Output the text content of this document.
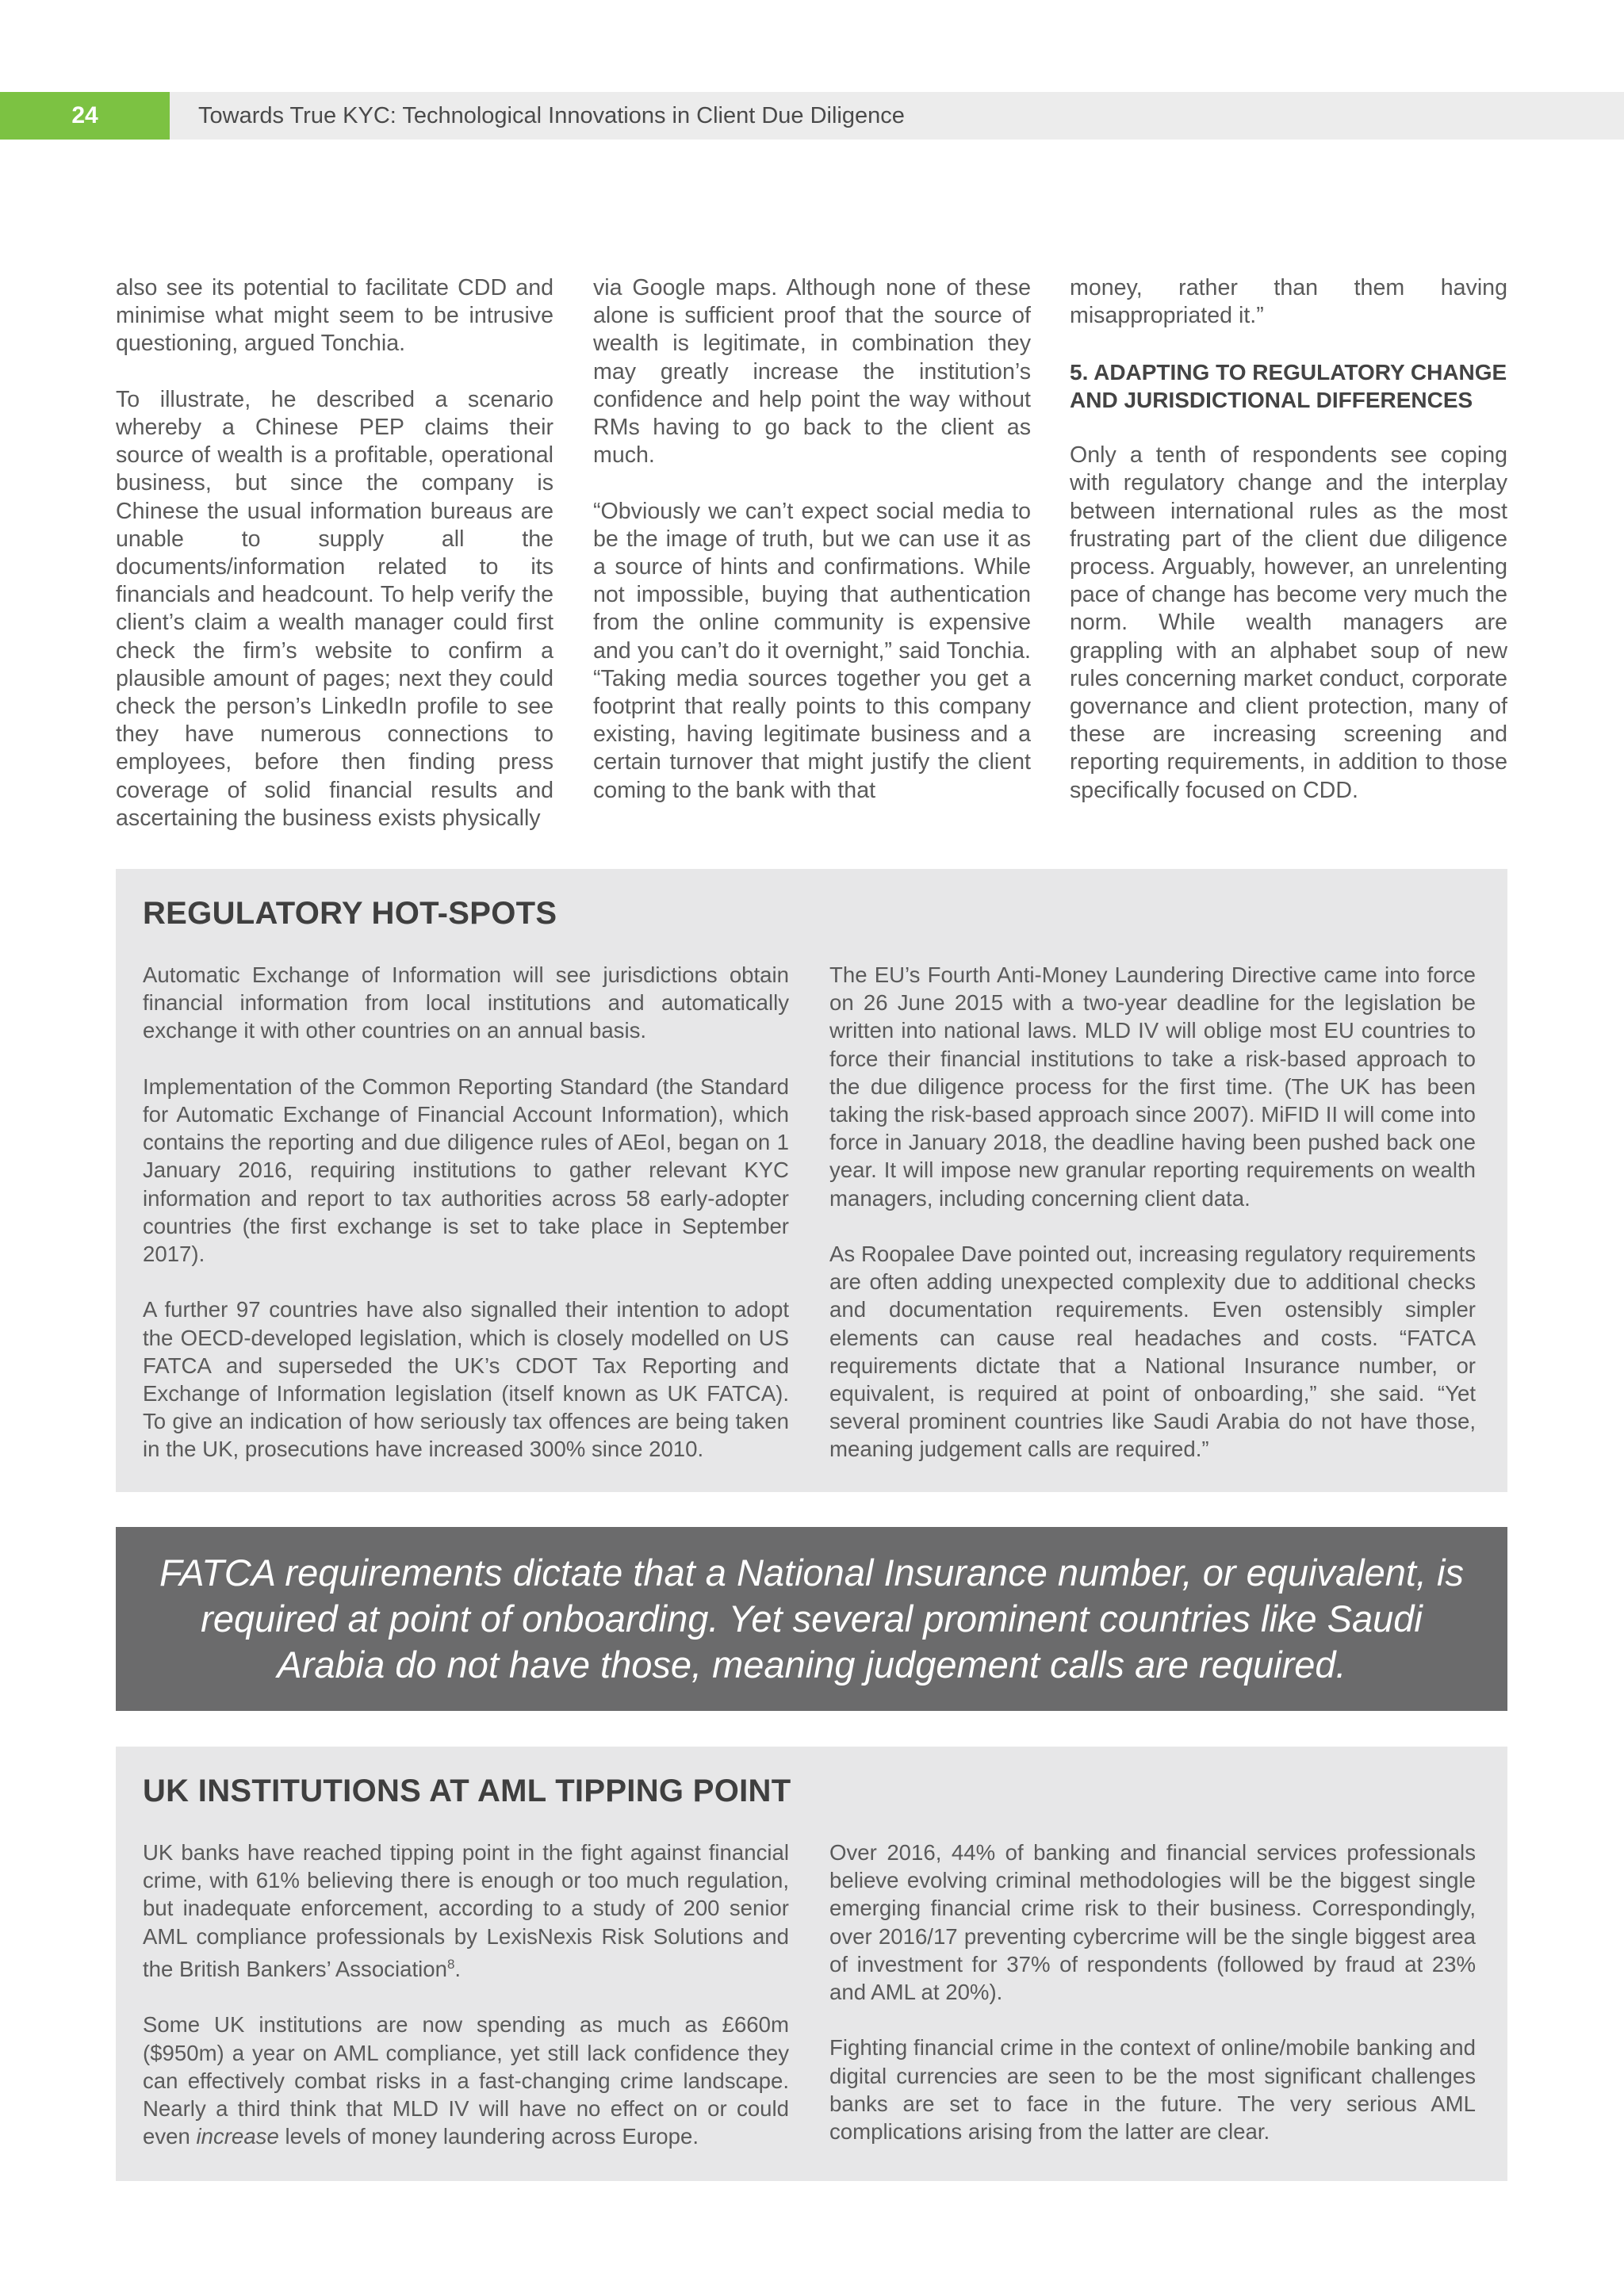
24	Towards True KYC: Technological Innovations in Client Due Diligence

also see its potential to facilitate CDD and minimise what might seem to be intrusive questioning, argued Tonchia.

To illustrate, he described a scenario whereby a Chinese PEP claims their source of wealth is a profitable, operational business, but since the company is Chinese the usual information bureaus are unable to supply all the documents/information related to its financials and headcount. To help verify the client’s claim a wealth manager could first check the firm’s website to confirm a plausible amount of pages; next they could check the person’s LinkedIn profile to see they have numerous connections to employees, before then finding press coverage of solid financial results and ascertaining the business exists physically

via Google maps. Although none of these alone is sufficient proof that the source of wealth is legitimate, in combination they may greatly increase the institution’s confidence and help point the way without RMs having to go back to the client as much.

“Obviously we can’t expect social media to be the image of truth, but we can use it as a source of hints and confirmations. While not impossible, buying that authentication from the online community is expensive and you can’t do it overnight,” said Tonchia. “Taking media sources together you get a footprint that really points to this company existing, having legitimate business and a certain turnover that might justify the client coming to the bank with that

money, rather than them having misappropriated it.”

5. ADAPTING TO REGULATORY CHANGE AND JURISDICTIONAL DIFFERENCES

Only a tenth of respondents see coping with regulatory change and the interplay between international rules as the most frustrating part of the client due diligence process. Arguably, however, an unrelenting pace of change has become very much the norm. While wealth managers are grappling with an alphabet soup of new rules concerning market conduct, corporate governance and client protection, many of these are increasing screening and reporting requirements, in addition to those specifically focused on CDD.

REGULATORY HOT-SPOTS

Automatic Exchange of Information will see jurisdictions obtain financial information from local institutions and automatically exchange it with other countries on an annual basis.

Implementation of the Common Reporting Standard (the Standard for Automatic Exchange of Financial Account Information), which contains the reporting and due diligence rules of AEoI, began on 1 January 2016, requiring institutions to gather relevant KYC information and report to tax authorities across 58 early-adopter countries (the first exchange is set to take place in September 2017).

A further 97 countries have also signalled their intention to adopt the OECD-developed legislation, which is closely modelled on US FATCA and superseded the UK’s CDOT Tax Reporting and Exchange of Information legislation (itself known as UK FATCA). To give an indication of how seriously tax offences are being taken in the UK, prosecutions have increased 300% since 2010.

The EU’s Fourth Anti-Money Laundering Directive came into force on 26 June 2015 with a two-year deadline for the legislation be written into national laws. MLD IV will oblige most EU countries to force their financial institutions to take a risk-based approach to the due diligence process for the first time. (The UK has been taking the risk-based approach since 2007). MiFID II will come into force in January 2018, the deadline having been pushed back one year. It will impose new granular reporting requirements on wealth managers, including concerning client data.

As Roopalee Dave pointed out, increasing regulatory requirements are often adding unexpected complexity due to additional checks and documentation requirements. Even ostensibly simpler elements can cause real headaches and costs. “FATCA requirements dictate that a National Insurance number, or equivalent, is required at point of onboarding,” she said. “Yet several prominent countries like Saudi Arabia do not have those, meaning judgement calls are required.”

FATCA requirements dictate that a National Insurance number, or equivalent, is required at point of onboarding. Yet several prominent countries like Saudi Arabia do not have those, meaning judgement calls are required.

UK INSTITUTIONS AT AML TIPPING POINT

UK banks have reached tipping point in the fight against financial crime, with 61% believing there is enough or too much regulation, but inadequate enforcement, according to a study of 200 senior AML compliance professionals by LexisNexis Risk Solutions and the British Bankers’ Association$^8$.

Some UK institutions are now spending as much as £660m ($950m) a year on AML compliance, yet still lack confidence they can effectively combat risks in a fast-changing crime landscape. Nearly a third think that MLD IV will have no effect on or could even increase levels of money laundering across Europe.

Over 2016, 44% of banking and financial services professionals believe evolving criminal methodologies will be the biggest single emerging financial crime risk to their business. Correspondingly, over 2016/17 preventing cybercrime will be the single biggest area of investment for 37% of respondents (followed by fraud at 23% and AML at 20%).

Fighting financial crime in the context of online/mobile banking and digital currencies are seen to be the most significant challenges banks are set to face in the future. The very serious AML complications arising from the latter are clear.
